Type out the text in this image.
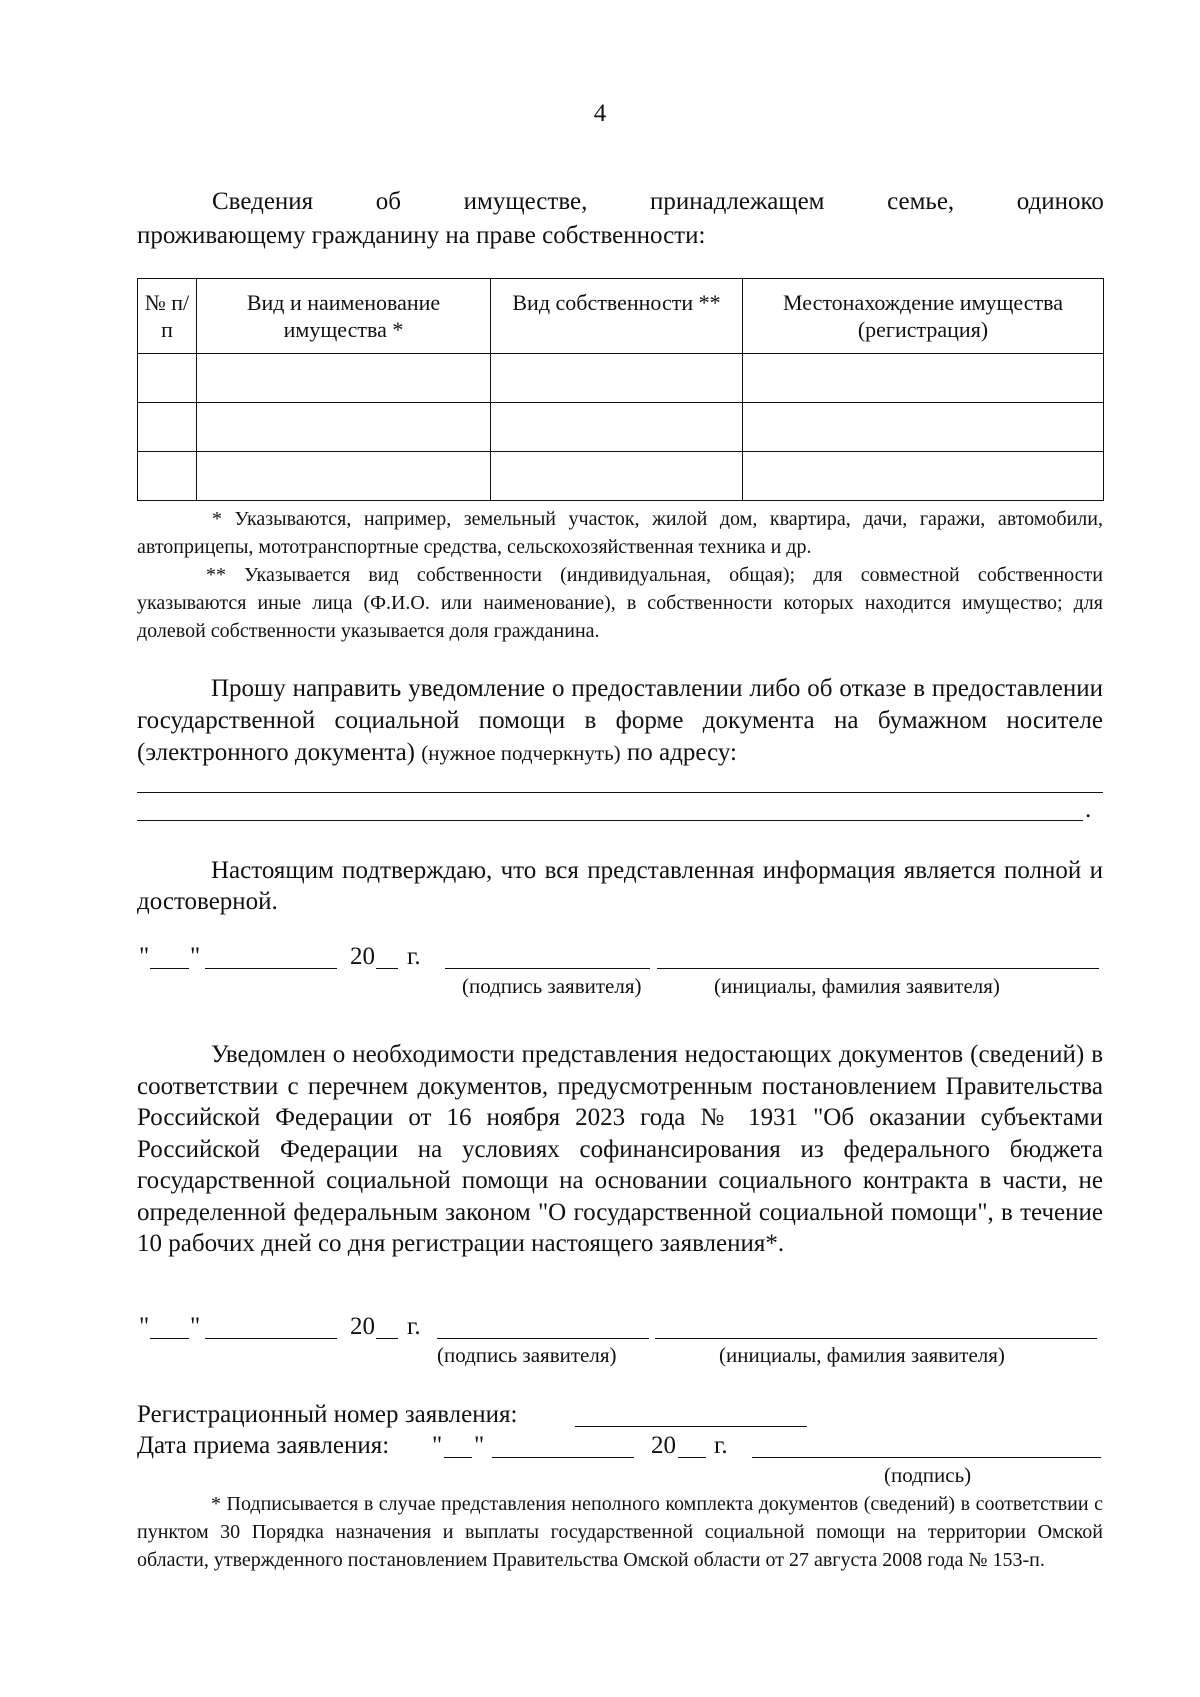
4
Сведения	об	имуществе,	принадлежащем	семье,	одиноко
проживающему гражданину на праве собственности:
№ п/п	Вид и наименование имущества *	Вид собственности **	Местонахождение имущества (регистрация)

* Указываются, например, земельный участок, жилой дом, квартира, дачи, гаражи, автомобили, автоприцепы, мототранспортные средства, сельскохозяйственная техника и др.
** Указывается вид собственности (индивидуальная, общая); для совместной собственности указываются иные лица (Ф.И.О. или наименование), в собственности которых находится имущество; для долевой собственности указывается доля гражданина.
Прошу направить уведомление о предоставлении либо об отказе в предоставлении государственной социальной помощи в форме документа на бумажном носителе (электронного документа) (нужное подчеркнуть) по адресу:
.
Настоящим подтверждаю, что вся представленная информация является полной и достоверной.
" "	20 г.
(подпись заявителя)	(инициалы, фамилия заявителя)
Уведомлен о необходимости представления недостающих документов (сведений) в соответствии с перечнем документов, предусмотренным постановлением Правительства Российской Федерации от 16 ноября 2023 года № 1931 "Об оказании субъектами Российской Федерации на условиях софинансирования из федерального бюджета государственной социальной помощи на основании социального контракта в части, не определенной федеральным законом "О государственной социальной помощи", в течение 10 рабочих дней со дня регистрации настоящего заявления*.
" "	20 г.
(подпись заявителя)	(инициалы, фамилия заявителя)
Регистрационный номер заявления:
Дата приема заявления: " "	20 г.
(подпись)
* Подписывается в случае представления неполного комплекта документов (сведений) в соответствии с пунктом 30 Порядка назначения и выплаты государственной социальной помощи на территории Омской области, утвержденного постановлением Правительства Омской области от 27 августа 2008 года № 153-п.
